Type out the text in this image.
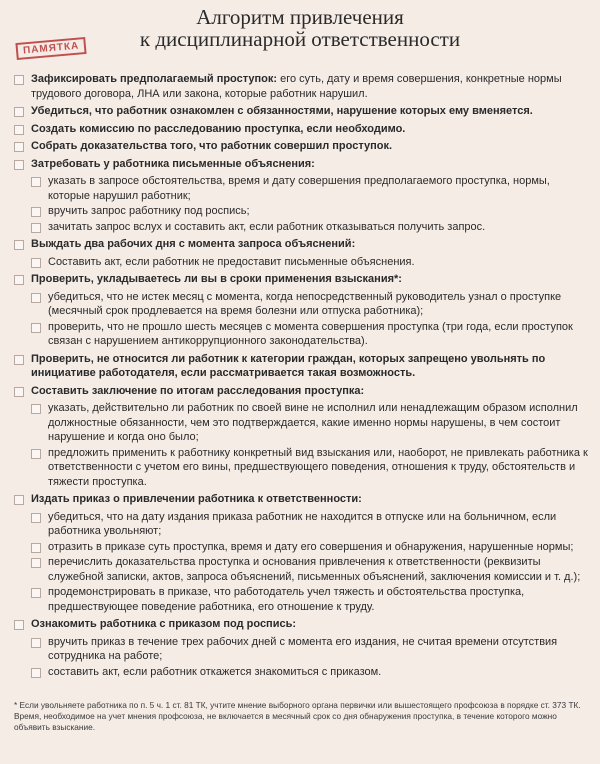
Алгоритм привлечения
к дисциплинарной ответственности
ПАМЯТКА
Зафиксировать предполагаемый проступок: его суть, дату и время совершения, конкретные нормы трудового договора, ЛНА или закона, которые работник нарушил.
Убедиться, что работник ознакомлен с обязанностями, нарушение которых ему вменяется.
Создать комиссию по расследованию проступка, если необходимо.
Собрать доказательства того, что работник совершил проступок.
Затребовать у работника письменные объяснения:
указать в запросе обстоятельства, время и дату совершения предполагаемого проступка, нормы, которые нарушил работник;
вручить запрос работнику под роспись;
зачитать запрос вслух и составить акт, если работник отказываться получить запрос.
Выждать два рабочих дня с момента запроса объяснений:
Составить акт, если работник не предоставит письменные объяснения.
Проверить, укладываетесь ли вы в сроки применения взыскания*:
убедиться, что не истек месяц с момента, когда непосредственный руководитель узнал о проступке (месячный срок продлевается на время болезни или отпуска работника);
проверить, что не прошло шесть месяцев с момента совершения проступка (три года, если проступок связан с нарушением антикоррупционного законодательства).
Проверить, не относится ли работник к категории граждан, которых запрещено увольнять по инициативе работодателя, если рассматривается такая возможность.
Составить заключение по итогам расследования проступка:
указать, действительно ли работник по своей вине не исполнил или ненадлежащим образом исполнил должностные обязанности, чем это подтверждается, какие именно нормы нарушены, в чем состоит нарушение и когда оно было;
предложить применить к работнику конкретный вид взыскания или, наоборот, не привлекать работника к ответственности с учетом его вины, предшествующего поведения, отношения к труду, обстоятельств и тяжести проступка.
Издать приказ о привлечении работника к ответственности:
убедиться, что на дату издания приказа работник не находится в отпуске или на больничном, если работника увольняют;
отразить в приказе суть проступка, время и дату его совершения и обнаружения, нарушенные нормы;
перечислить доказательства проступка и основания привлечения к ответственности (реквизиты служебной записки, актов, запроса объяснений, письменных объяснений, заключения комиссии и т. д.);
продемонстрировать в приказе, что работодатель учел тяжесть и обстоятельства проступка, предшествующее поведение работника, его отношение к труду.
Ознакомить работника с приказом под роспись:
вручить приказ в течение трех рабочих дней с момента его издания, не считая времени отсутствия сотрудника на работе;
составить акт, если работник откажется знакомиться с приказом.
* Если увольняете работника по п. 5 ч. 1 ст. 81 ТК, учтите мнение выборного органа первички или вышестоящего профсоюза в порядке ст. 373 ТК. Время, необходимое на учет мнения профсоюза, не включается в месячный срок со дня обнаружения проступка, в течение которого можно объявить взыскание.
